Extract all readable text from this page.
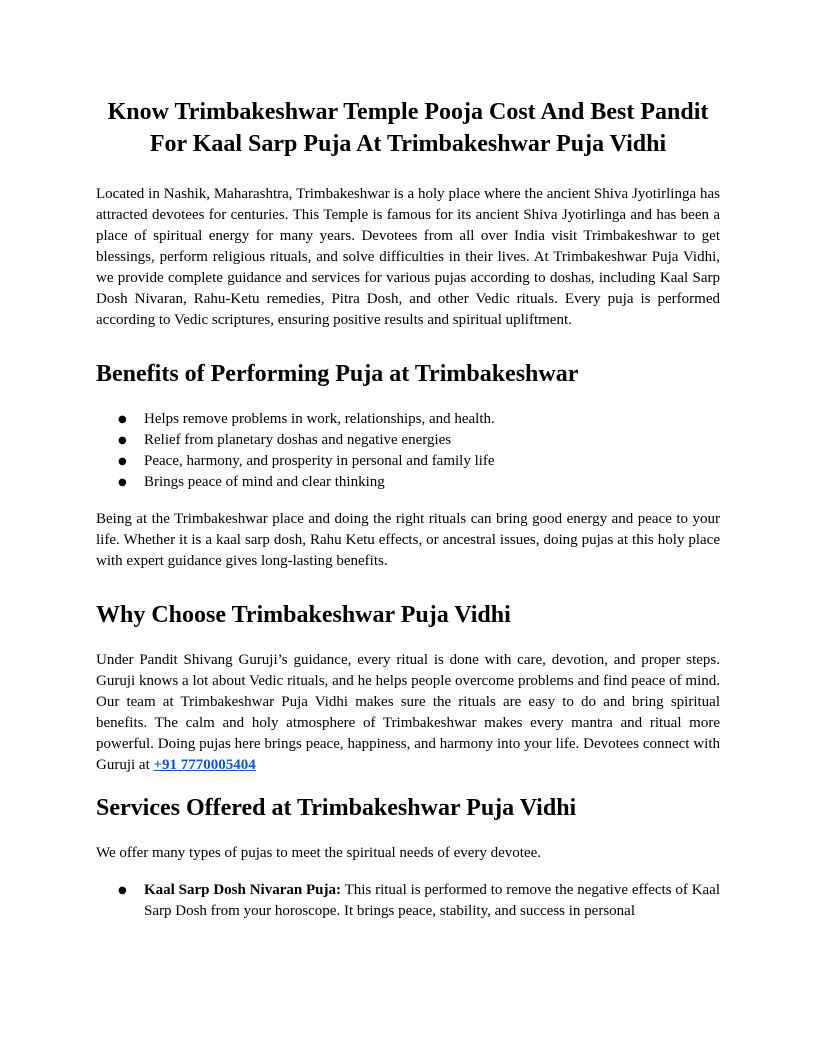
Know Trimbakeshwar Temple Pooja Cost And Best Pandit For Kaal Sarp Puja At Trimbakeshwar Puja Vidhi

Located in Nashik, Maharashtra, Trimbakeshwar is a holy place where the ancient Shiva Jyotirlinga has attracted devotees for centuries. This Temple is famous for its ancient Shiva Jyotirlinga and has been a place of spiritual energy for many years. Devotees from all over India visit Trimbakeshwar to get blessings, perform religious rituals, and solve difficulties in their lives. At Trimbakeshwar Puja Vidhi, we provide complete guidance and services for various pujas according to doshas, including Kaal Sarp Dosh Nivaran, Rahu-Ketu remedies, Pitra Dosh, and other Vedic rituals. Every puja is performed according to Vedic scriptures, ensuring positive results and spiritual upliftment.

Benefits of Performing Puja at Trimbakeshwar
● Helps remove problems in work, relationships, and health.
● Relief from planetary doshas and negative energies
● Peace, harmony, and prosperity in personal and family life
● Brings peace of mind and clear thinking

Being at the Trimbakeshwar place and doing the right rituals can bring good energy and peace to your life. Whether it is a kaal sarp dosh, Rahu Ketu effects, or ancestral issues, doing pujas at this holy place with expert guidance gives long-lasting benefits.

Why Choose Trimbakeshwar Puja Vidhi

Under Pandit Shivang Guruji’s guidance, every ritual is done with care, devotion, and proper steps. Guruji knows a lot about Vedic rituals, and he helps people overcome problems and find peace of mind. Our team at Trimbakeshwar Puja Vidhi makes sure the rituals are easy to do and bring spiritual benefits. The calm and holy atmosphere of Trimbakeshwar makes every mantra and ritual more powerful. Doing pujas here brings peace, happiness, and harmony into your life. Devotees connect with Guruji at +91 7770005404

Services Offered at Trimbakeshwar Puja Vidhi

We offer many types of pujas to meet the spiritual needs of every devotee.

● Kaal Sarp Dosh Nivaran Puja: This ritual is performed to remove the negative effects of Kaal Sarp Dosh from your horoscope. It brings peace, stability, and success in personal
